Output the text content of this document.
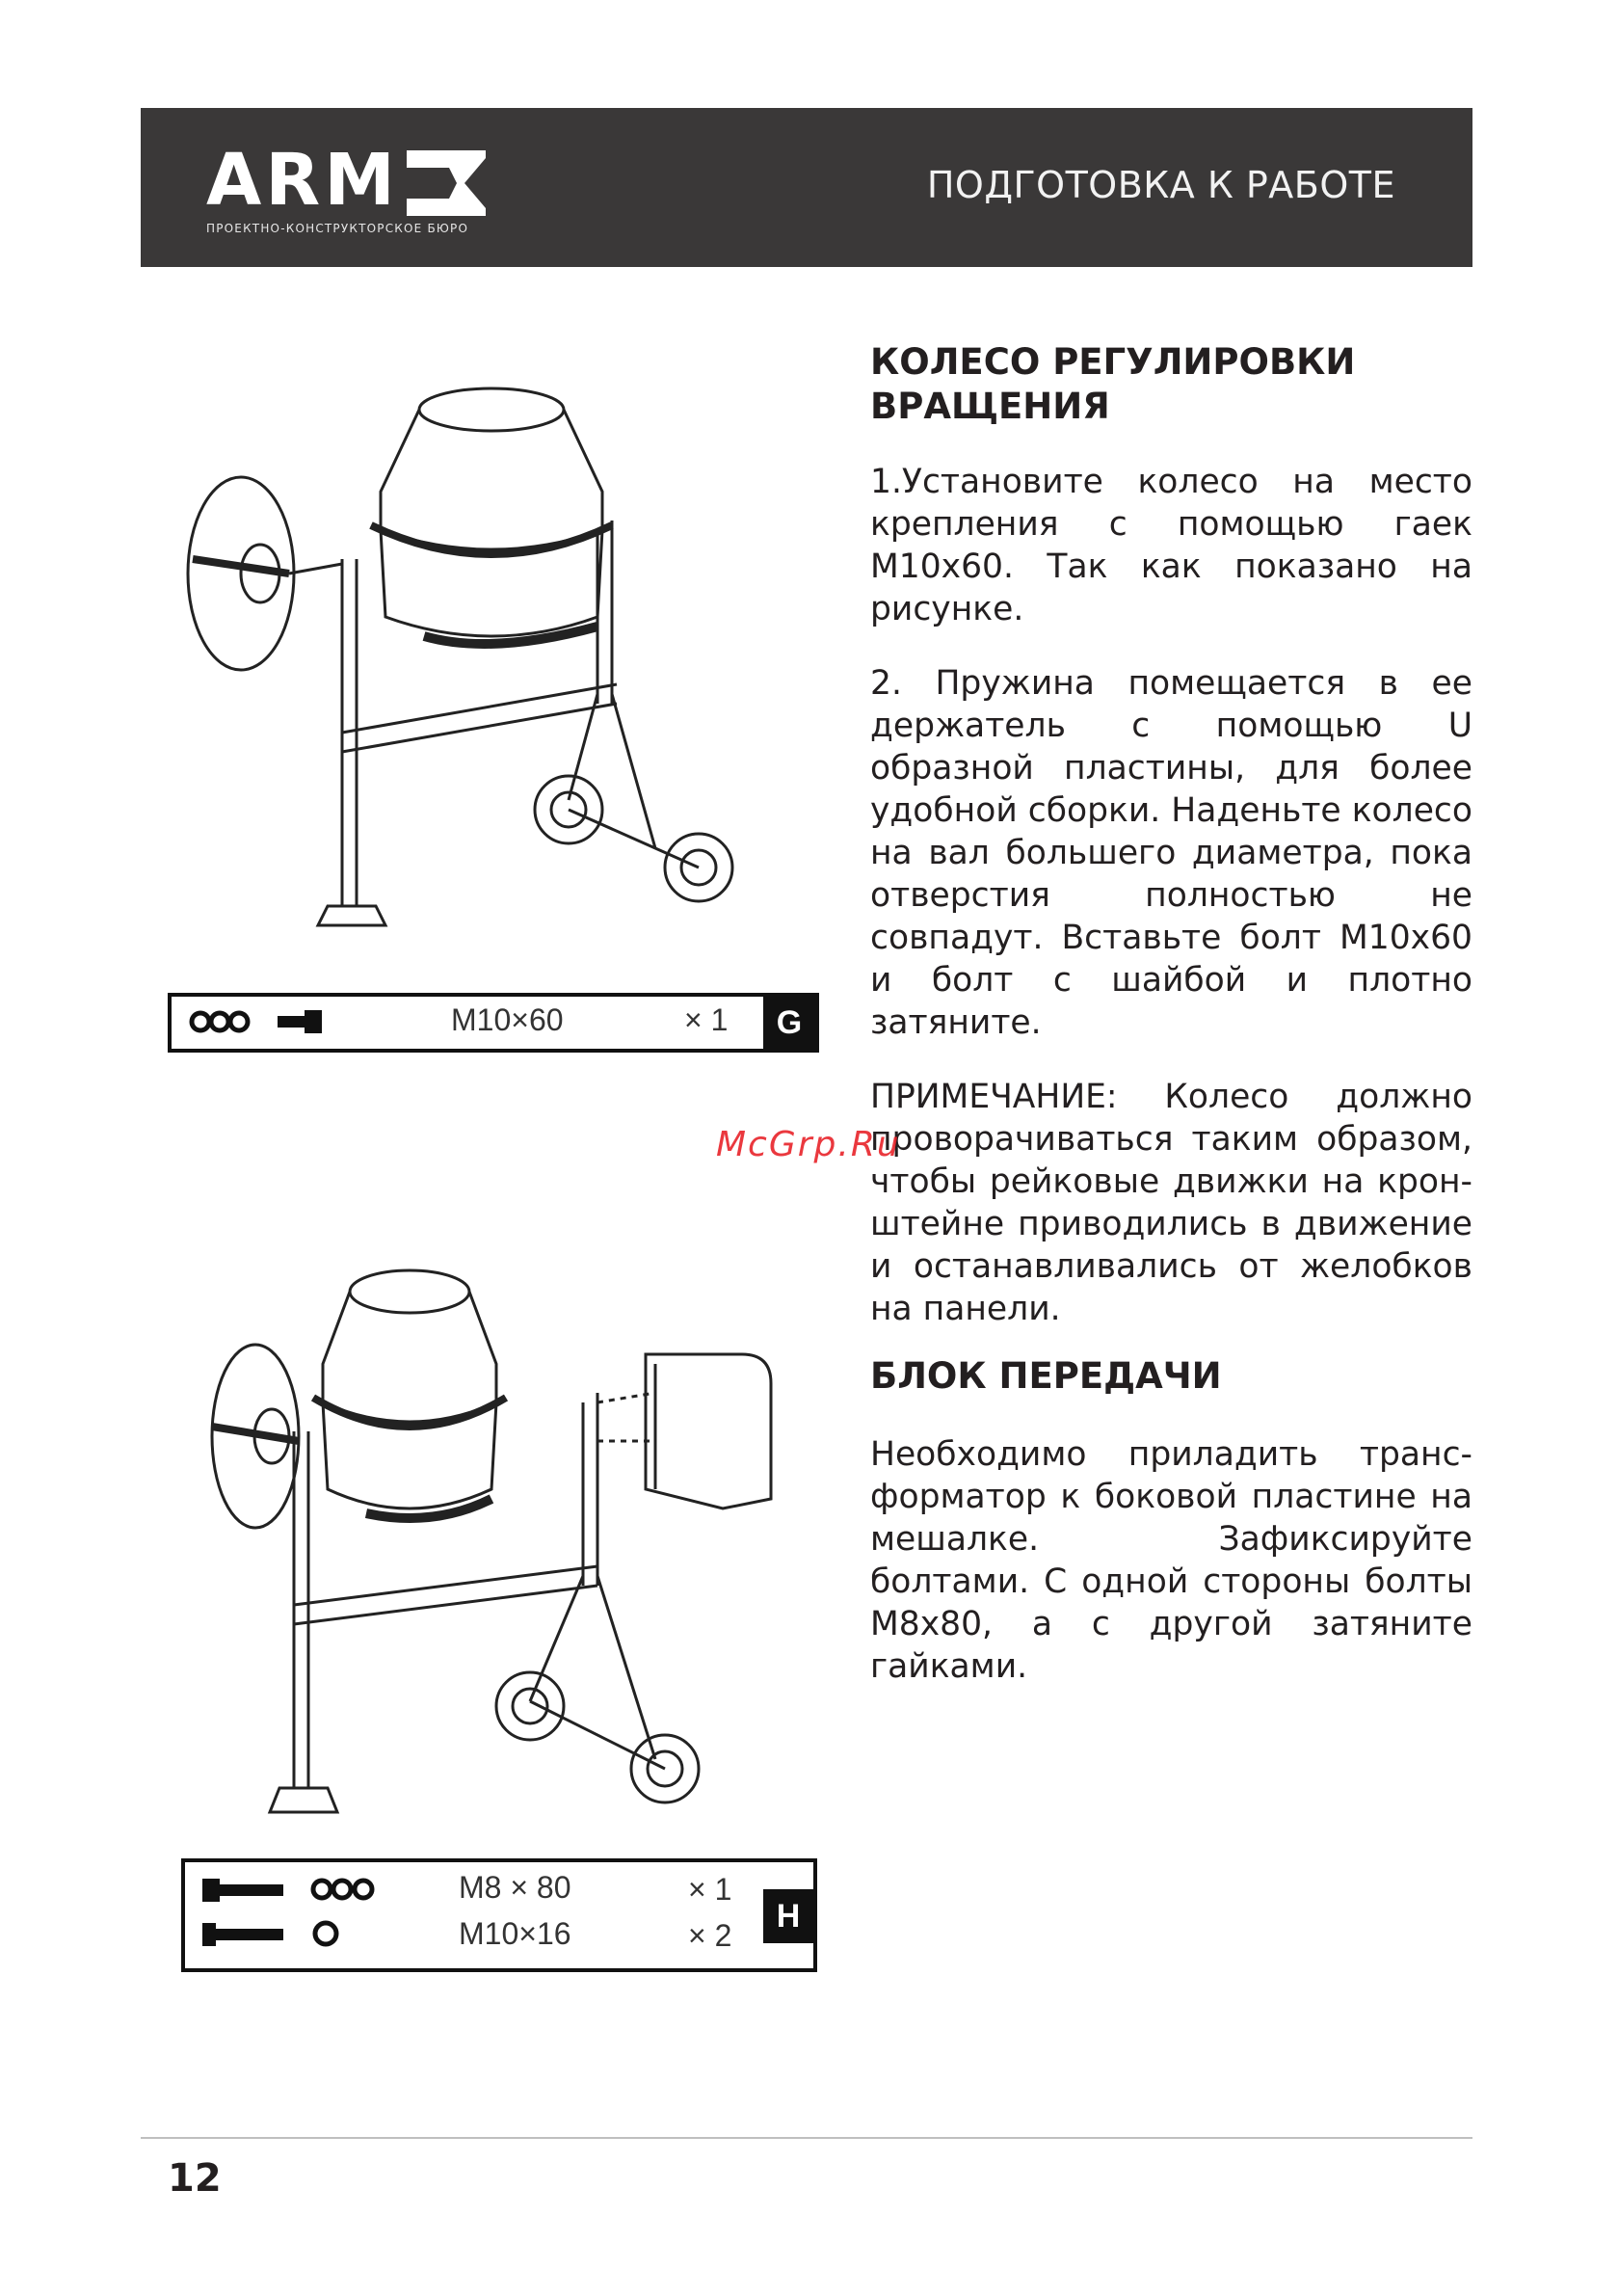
ARM
ПРОЕКТНО-КОНСТРУКТОРСКОЕ БЮРО
ПОДГОТОВКА К РАБОТЕ
M10×60	× 1	G
M8 × 80	× 1
M10×16	× 2
H
КОЛЕСО РЕГУЛИРОВКИ
ВРАЩЕНИЯ

1.Установите колесо на место крепления с помощью гаек M10x60. Так как показано на рисунке.

2. Пружина помещается в ее держатель с помощью U образной пластины, для более удобной сборки. Наденьте колесо на вал большего диаметра, пока отверстия полностью не совпадут. Вставьте болт M10x60 и болт с шайбой и плотно затяните.

ПРИМЕЧАНИЕ: Колесо должно проворачиваться таким образом, чтобы рейковые движки на кронштейне приводились в движение и останавливались от желобков на панели.

БЛОК ПЕРЕДАЧИ

Необходимо приладить трансформатор к боковой пластине на мешалке. Зафиксируйте болтами. С одной стороны болты M8x80, а с другой затяните гайками.

McGrp.Ru
12
